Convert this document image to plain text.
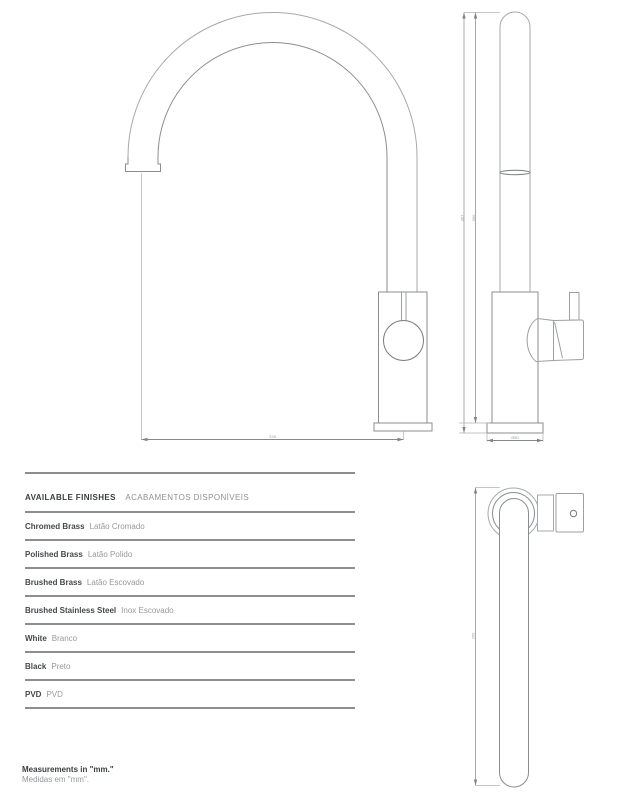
228
367 360
Ø50
250
AVAILABLE FINISHES ACABAMENTOS DISPONÍVEIS
Chromed Brass Latão Cromado
Polished Brass Latão Polido
Brushed Brass Latão Escovado
Brushed Stainless Steel Inox Escovado
White Branco
Black Preto
PVD PVD
Measurements in "mm."
Medidas em "mm".
